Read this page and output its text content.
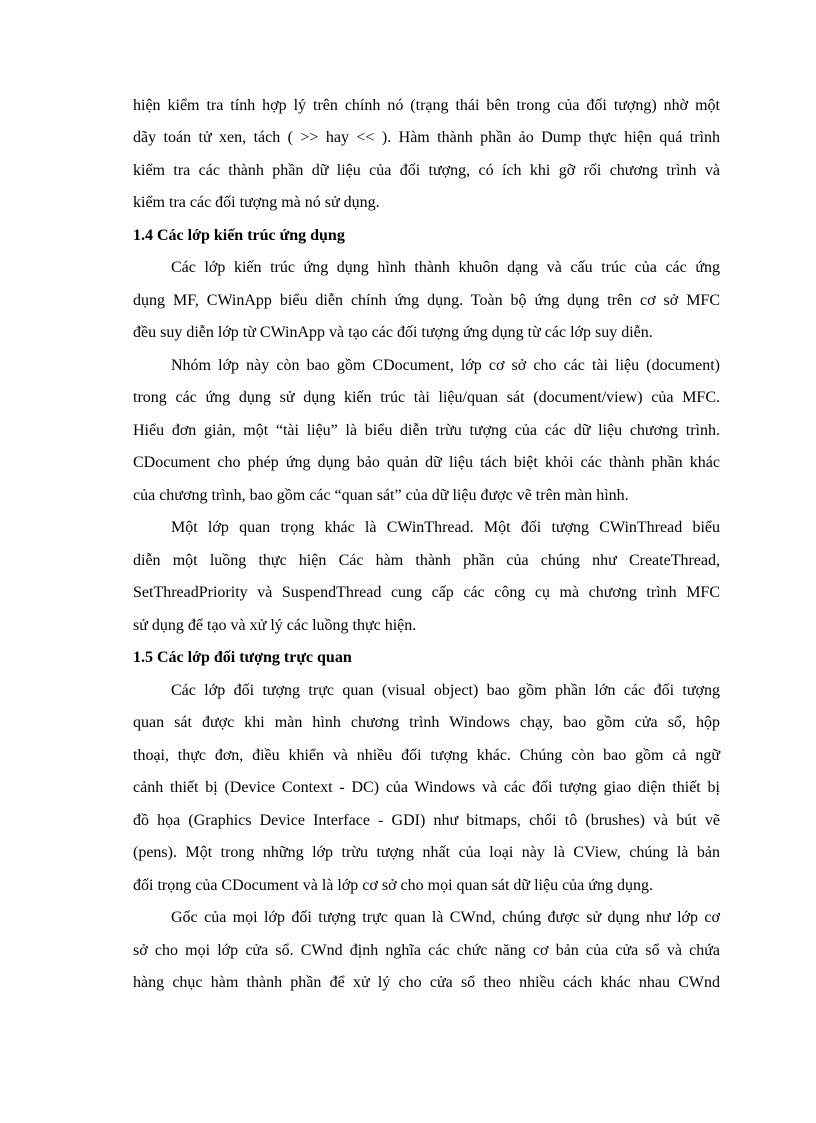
hiện kiểm tra tính hợp lý trên chính nó (trạng thái bên trong của đối tượng) nhờ một
dãy toán tử xen, tách ( >> hay << ). Hàm thành phần ảo Dump thực hiện quá trình
kiểm tra các thành phần dữ liệu của đối tượng, có ích khi gỡ rối chương trình và
kiểm tra các đối tượng mà nó sử dụng.
1.4 Các lớp kiến trúc ứng dụng
Các lớp kiến trúc ứng dụng hình thành khuôn dạng và cấu trúc của các ứng
dụng MF, CWinApp biểu diễn chính ứng dụng. Toàn bộ ứng dụng trên cơ sở MFC
đều suy diễn lớp từ CWinApp và tạo các đối tượng ứng dụng từ các lớp suy diễn.
Nhóm lớp này còn bao gồm CDocument, lớp cơ sở cho các tài liệu (document)
trong các ứng dụng sử dụng kiến trúc tài liệu/quan sát (document/view) của MFC.
Hiểu đơn giản, một “tài liệu” là biểu diễn trừu tượng của các dữ liệu chương trình.
CDocument cho phép ứng dụng bảo quản dữ liệu tách biệt khỏi các thành phần khác
của chương trình, bao gồm các “quan sát” của dữ liệu được vẽ trên màn hình.
Một lớp quan trọng khác là CWinThread. Một đối tượng CWinThread biểu
diễn một luồng thực hiện Các hàm thành phần của chúng như CreateThread,
SetThreadPriority và SuspendThread cung cấp các công cụ mà chương trình MFC
sử dụng để tạo và xử lý các luồng thực hiện.
1.5 Các lớp đối tượng trực quan
Các lớp đối tượng trực quan (visual object) bao gồm phần lớn các đối tượng
quan sát được khi màn hình chương trình Windows chạy, bao gồm cửa sổ, hộp
thoại, thực đơn, điều khiển và nhiều đối tượng khác. Chúng còn bao gồm cả ngữ
cảnh thiết bị (Device Context - DC) của Windows và các đối tượng giao diện thiết bị
đồ họa (Graphics Device Interface - GDI) như bitmaps, chổi tô (brushes) và bút vẽ
(pens). Một trong những lớp trừu tượng nhất của loại này là CView, chúng là bản
đối trọng của CDocument và là lớp cơ sở cho mọi quan sát dữ liệu của ứng dụng.
Gốc của mọi lớp đối tượng trực quan là CWnd, chúng được sử dụng như lớp cơ
sở cho mọi lớp cửa sổ. CWnd định nghĩa các chức năng cơ bản của cửa sổ và chứa
hàng chục hàm thành phần để xử lý cho cửa sổ theo nhiều cách khác nhau CWnd
